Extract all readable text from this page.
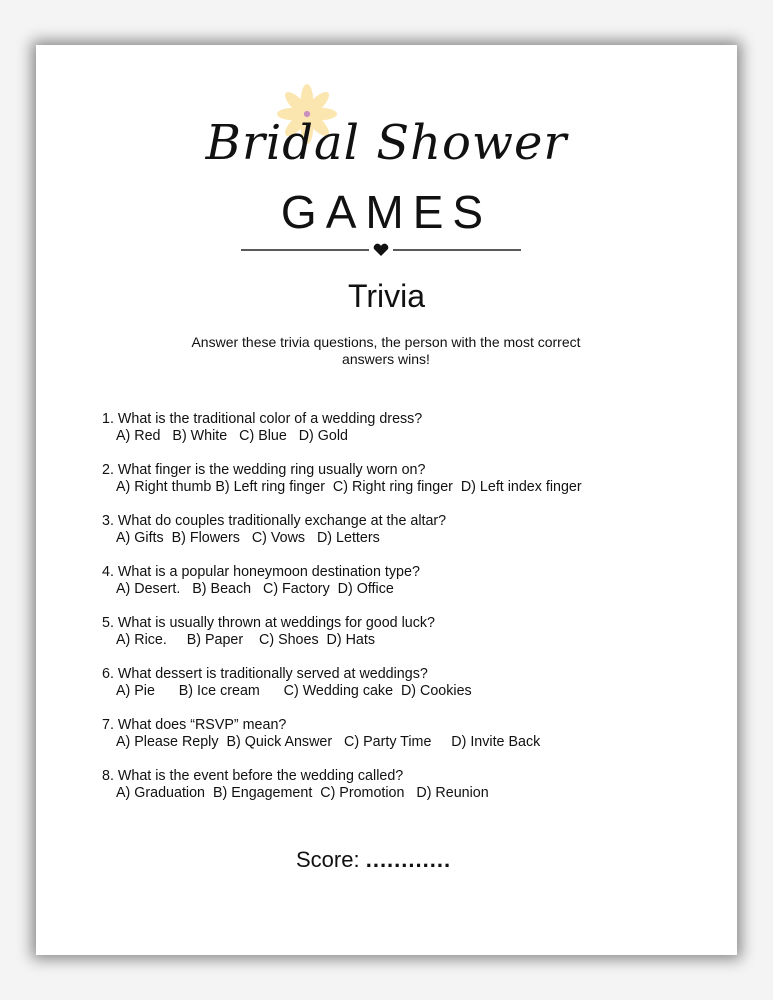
Bridal Shower
GAMES
Trivia
Answer these trivia questions, the person with the most correct answers wins!
1. What is the traditional color of a wedding dress?
A) Red   B) White   C) Blue   D) Gold
2. What finger is the wedding ring usually worn on?
A) Right thumb B) Left ring finger  C) Right ring finger  D) Left index finger
3. What do couples traditionally exchange at the altar?
A) Gifts  B) Flowers   C) Vows   D) Letters
4. What is a popular honeymoon destination type?
A) Desert.   B) Beach   C) Factory  D) Office
5. What is usually thrown at weddings for good luck?
A) Rice.     B) Paper    C) Shoes  D) Hats
6. What dessert is traditionally served at weddings?
A) Pie      B) Ice cream      C) Wedding cake  D) Cookies
7. What does “RSVP” mean?
A) Please Reply  B) Quick Answer   C) Party Time     D) Invite Back
8. What is the event before the wedding called?
A) Graduation  B) Engagement  C) Promotion   D) Reunion
Score: ............
